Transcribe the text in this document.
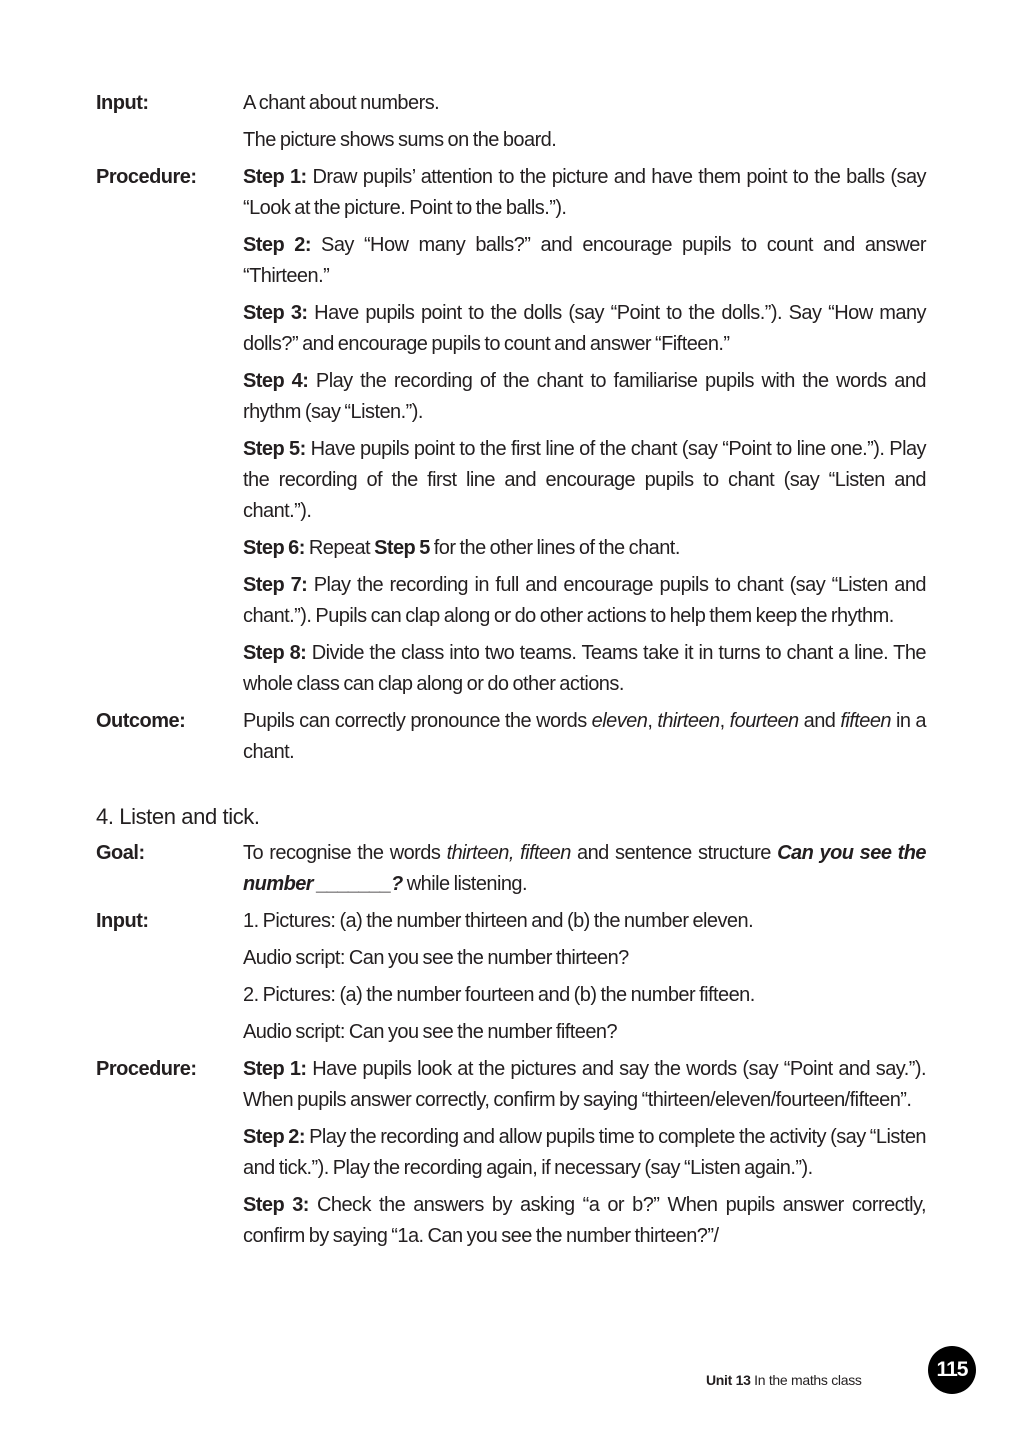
Input:	A chant about numbers.

The picture shows sums on the board.

Procedure:	Step 1: Draw pupils’ attention to the picture and have them point to the balls (say “Look at the picture. Point to the balls.”).

Step 2: Say “How many balls?” and encourage pupils to count and answer “Thirteen.”

Step 3: Have pupils point to the dolls (say “Point to the dolls.”). Say “How many dolls?” and encourage pupils to count and answer “Fifteen.”

Step 4: Play the recording of the chant to familiarise pupils with the words and rhythm (say “Listen.”).

Step 5: Have pupils point to the first line of the chant (say “Point to line one.”). Play the recording of the first line and encourage pupils to chant (say “Listen and chant.”).

Step 6: Repeat Step 5 for the other lines of the chant.

Step 7: Play the recording in full and encourage pupils to chant (say “Listen and chant.”). Pupils can clap along or do other actions to help them keep the rhythm.

Step 8: Divide the class into two teams. Teams take it in turns to chant a line. The whole class can clap along or do other actions.

Outcome:	Pupils can correctly pronounce the words eleven, thirteen, fourteen and fifteen in a chant.

4. Listen and tick.
Goal:	To recognise the words thirteen, fifteen and sentence structure Can you see the number _______? while listening.

Input:	1. Pictures: (a) the number thirteen and (b) the number eleven.

Audio script: Can you see the number thirteen?

2. Pictures: (a) the number fourteen and (b) the number fifteen.

Audio script: Can you see the number fifteen?

Procedure:	Step 1: Have pupils look at the pictures and say the words (say “Point and say.”). When pupils answer correctly, confirm by saying “thirteen/eleven/fourteen/fifteen”.

Step 2: Play the recording and allow pupils time to complete the activity (say “Listen and tick.”). Play the recording again, if necessary (say “Listen again.”).

Step 3: Check the answers by asking “a or b?” When pupils answer correctly, confirm by saying “1a. Can you see the number thirteen?”/

Unit 13 In the maths class	115
